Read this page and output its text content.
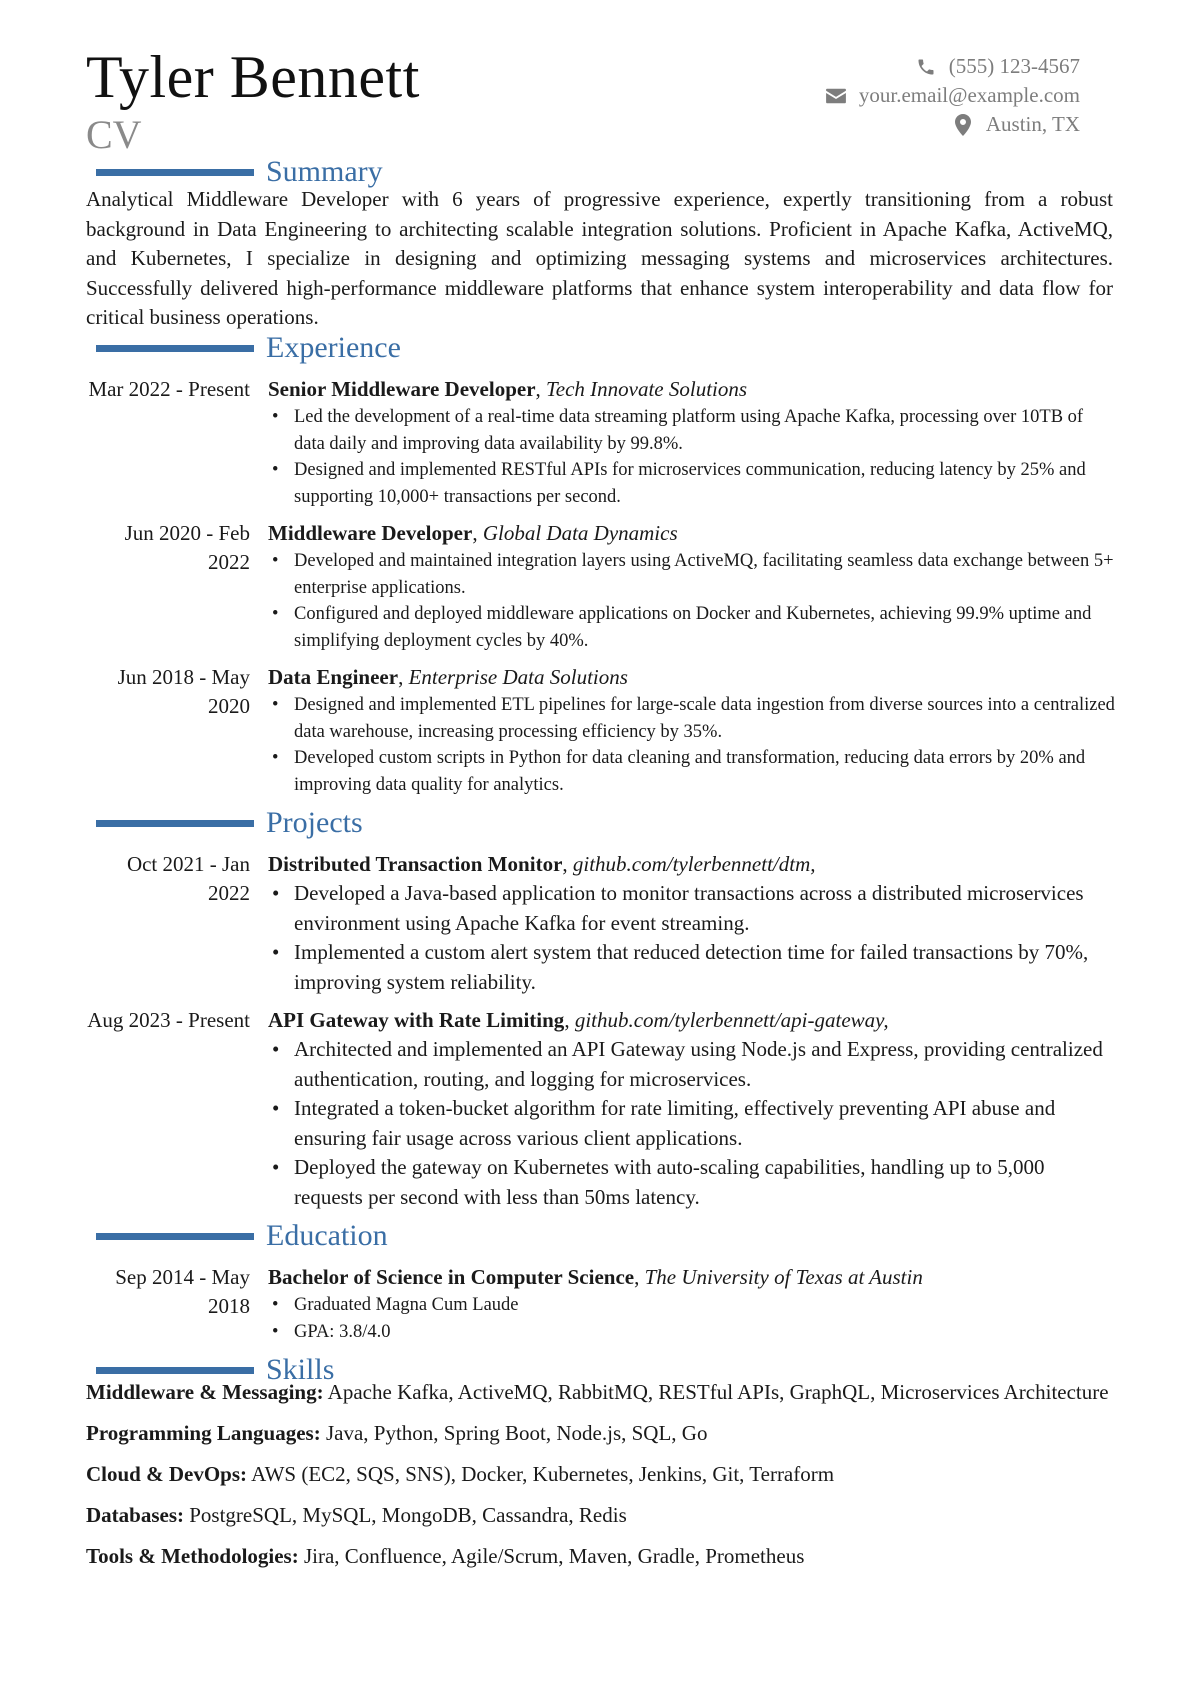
Tyler Bennett
CV
(555) 123-4567
your.email@example.com
Austin, TX
Summary
Analytical Middleware Developer with 6 years of progressive experience, expertly transitioning from a robust background in Data Engineering to architecting scalable integration solutions. Proficient in Apache Kafka, ActiveMQ, and Kubernetes, I specialize in designing and optimizing messaging systems and microservices architectures. Successfully delivered high-performance middleware platforms that enhance system interoperability and data flow for critical business operations.
Experience
Mar 2022 - Present Senior Middleware Developer, Tech Innovate Solutions
• Led the development of a real-time data streaming platform using Apache Kafka, processing over 10TB of data daily and improving data availability by 99.8%.
• Designed and implemented RESTful APIs for microservices communication, reducing latency by 25% and supporting 10,000+ transactions per second.
Jun 2020 - Feb 2022
Middleware Developer, Global Data Dynamics
• Developed and maintained integration layers using ActiveMQ, facilitating seamless data exchange between 5+ enterprise applications.
• Configured and deployed middleware applications on Docker and Kubernetes, achieving 99.9% uptime and simplifying deployment cycles by 40%.
Jun 2018 - May 2020
Data Engineer, Enterprise Data Solutions
• Designed and implemented ETL pipelines for large-scale data ingestion from diverse sources into a centralized data warehouse, increasing processing efficiency by 35%.
• Developed custom scripts in Python for data cleaning and transformation, reducing data errors by 20% and improving data quality for analytics.
Projects
Oct 2021 - Jan 2022
Distributed Transaction Monitor, github.com/tylerbennett/dtm,
• Developed a Java-based application to monitor transactions across a distributed microservices environment using Apache Kafka for event streaming.
• Implemented a custom alert system that reduced detection time for failed transactions by 70%, improving system reliability.
Aug 2023 - Present API Gateway with Rate Limiting, github.com/tylerbennett/api-gateway,
• Architected and implemented an API Gateway using Node.js and Express, providing centralized authentication, routing, and logging for microservices.
• Integrated a token-bucket algorithm for rate limiting, effectively preventing API abuse and ensuring fair usage across various client applications.
• Deployed the gateway on Kubernetes with auto-scaling capabilities, handling up to 5,000 requests per second with less than 50ms latency.
Education
Sep 2014 - May 2018
Bachelor of Science in Computer Science, The University of Texas at Austin
• Graduated Magna Cum Laude
• GPA: 3.8/4.0
Skills
Middleware & Messaging: Apache Kafka, ActiveMQ, RabbitMQ, RESTful APIs, GraphQL, Microservices Architecture
Programming Languages: Java, Python, Spring Boot, Node.js, SQL, Go
Cloud & DevOps: AWS (EC2, SQS, SNS), Docker, Kubernetes, Jenkins, Git, Terraform
Databases: PostgreSQL, MySQL, MongoDB, Cassandra, Redis
Tools & Methodologies: Jira, Confluence, Agile/Scrum, Maven, Gradle, Prometheus
